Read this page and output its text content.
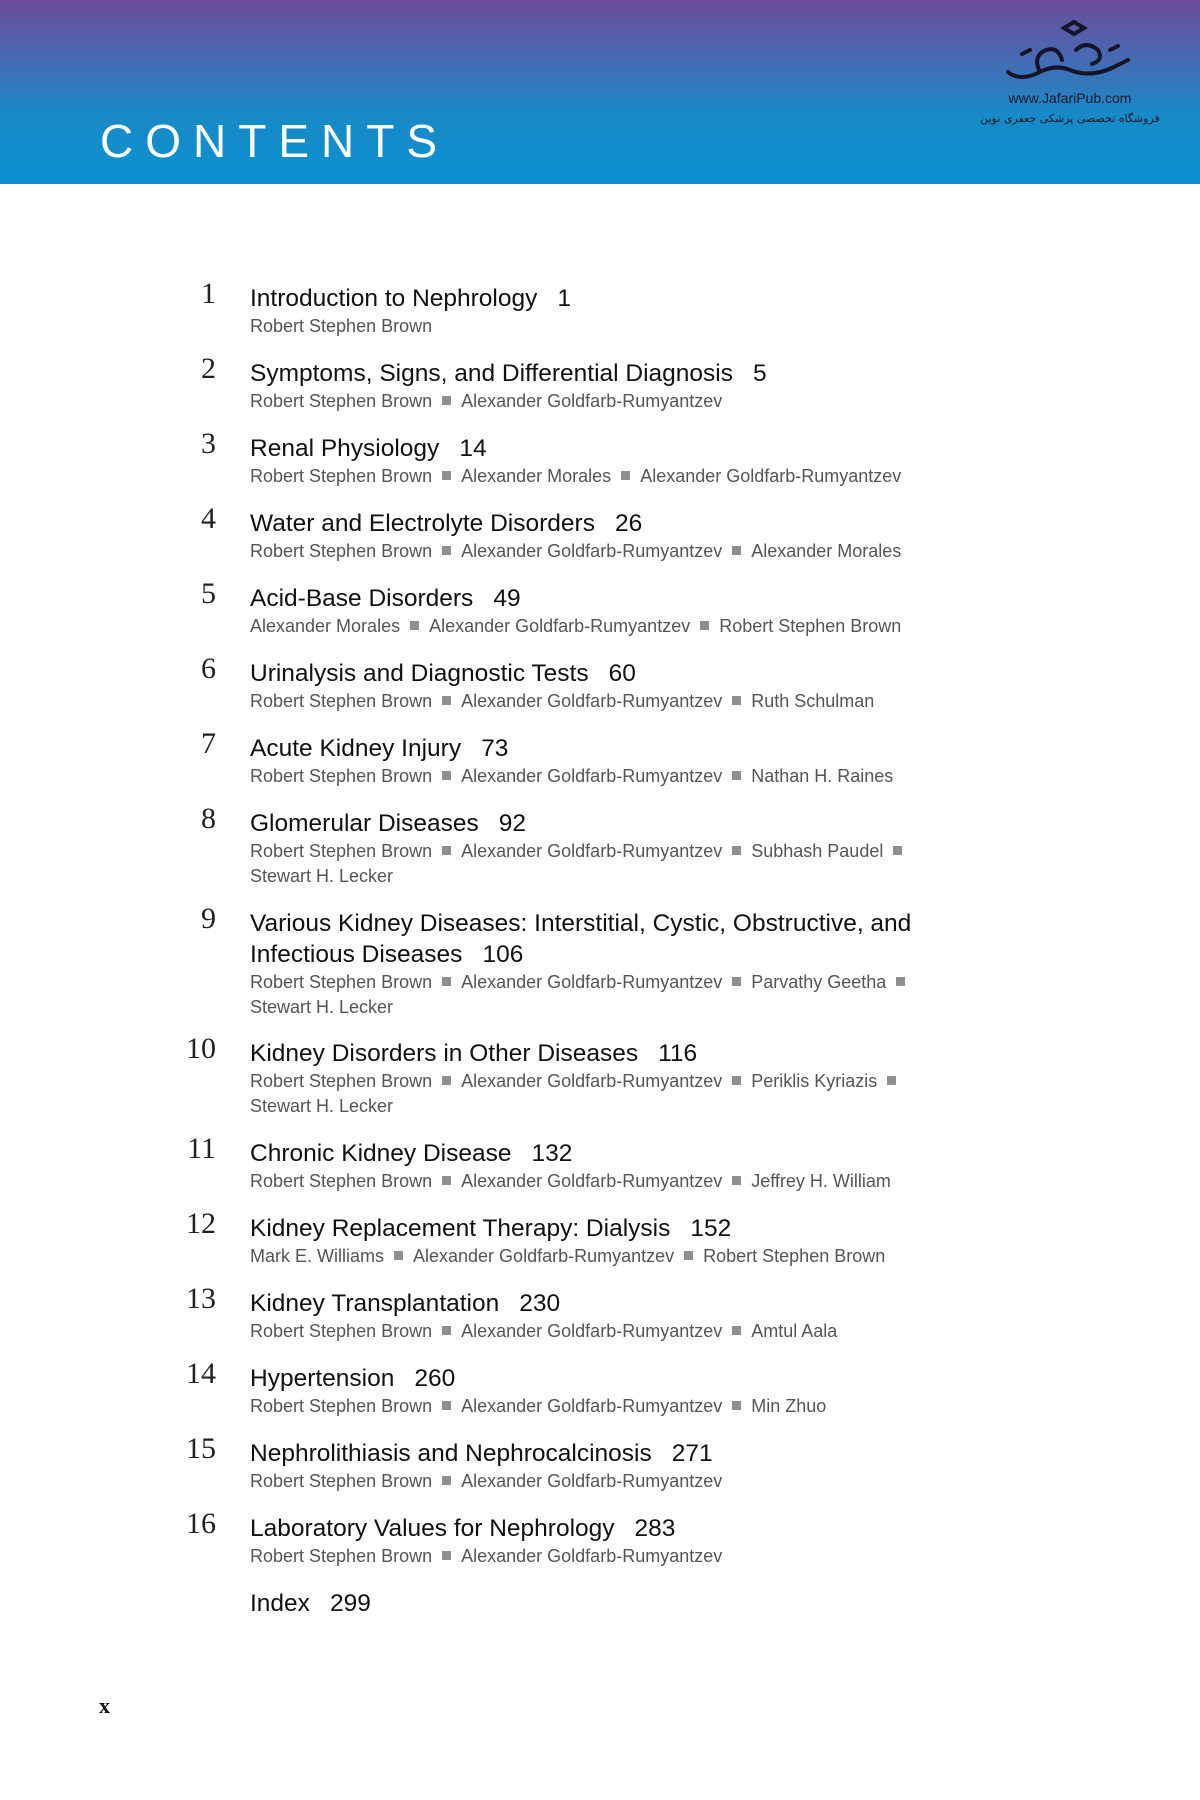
CONTENTS
www.JafariPub.com
فروشگاه تخصصی پزشکی جعفری نوین
1 Introduction to Nephrology 1
Robert Stephen Brown
2 Symptoms, Signs, and Differential Diagnosis 5
Robert Stephen Brown Alexander Goldfarb-Rumyantzev
3 Renal Physiology 14
Robert Stephen Brown Alexander Morales Alexander Goldfarb-Rumyantzev
4 Water and Electrolyte Disorders 26
Robert Stephen Brown Alexander Goldfarb-Rumyantzev Alexander Morales
5 Acid-Base Disorders 49
Alexander Morales Alexander Goldfarb-Rumyantzev Robert Stephen Brown
6 Urinalysis and Diagnostic Tests 60
Robert Stephen Brown Alexander Goldfarb-Rumyantzev Ruth Schulman
7 Acute Kidney Injury 73
Robert Stephen Brown Alexander Goldfarb-Rumyantzev Nathan H. Raines
8 Glomerular Diseases 92
Robert Stephen Brown Alexander Goldfarb-Rumyantzev Subhash PaudelStewart H. Lecker
9 Various Kidney Diseases: Interstitial, Cystic, Obstructive, and Infectious Diseases 106
Robert Stephen Brown Alexander Goldfarb-Rumyantzev Parvathy GeethaStewart H. Lecker
10 Kidney Disorders in Other Diseases 116
Robert Stephen Brown Alexander Goldfarb-Rumyantzev Periklis KyriazisStewart H. Lecker
11 Chronic Kidney Disease 132
Robert Stephen Brown Alexander Goldfarb-Rumyantzev Jeffrey H. William
12 Kidney Replacement Therapy: Dialysis 152
Mark E. Williams Alexander Goldfarb-Rumyantzev Robert Stephen Brown
13 Kidney Transplantation 230
Robert Stephen Brown Alexander Goldfarb-Rumyantzev Amtul Aala
14 Hypertension 260
Robert Stephen Brown Alexander Goldfarb-Rumyantzev Min Zhuo
15 Nephrolithiasis and Nephrocalcinosis 271
Robert Stephen Brown Alexander Goldfarb-Rumyantzev
16 Laboratory Values for Nephrology 283
Robert Stephen Brown Alexander Goldfarb-Rumyantzev
Index 299
x
